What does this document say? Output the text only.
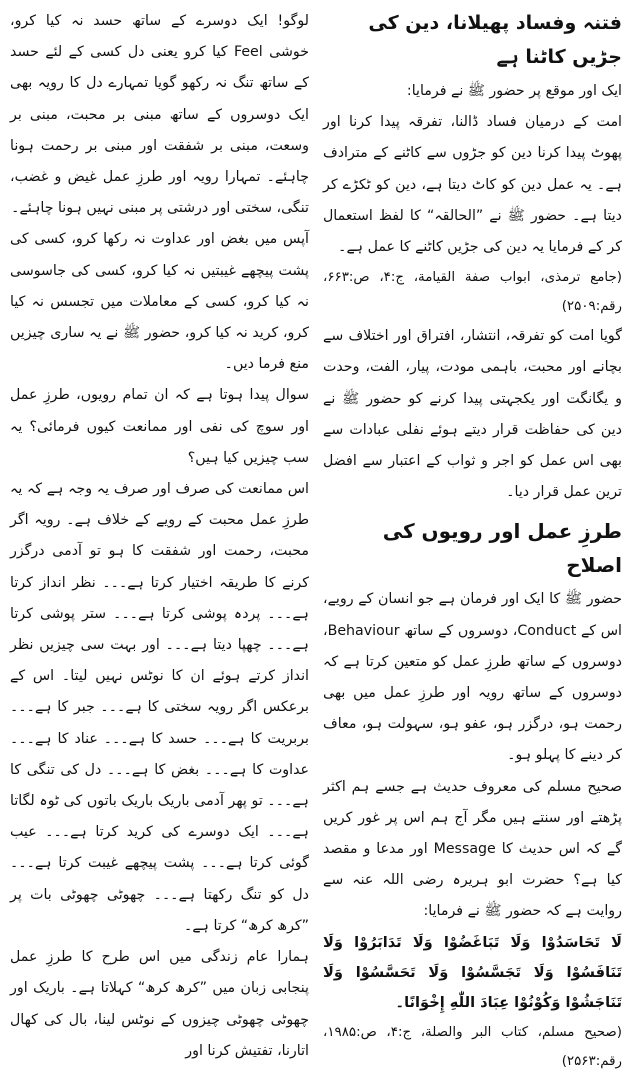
فتنہ وفساد پھیلانا، دین کی جڑیں کاٹنا ہے

ایک اور موقع پر حضور ﷺ نے فرمایا:

امت کے درمیان فساد ڈالنا، تفرقہ پیدا کرنا اور پھوٹ پیدا کرنا دین کو جڑوں سے کاٹنے کے مترادف ہے۔ یہ عمل دین کو کاٹ دیتا ہے، دین کو ٹکڑے کر دیتا ہے۔ حضور ﷺ نے ”الحالقہ“ کا لفظ استعمال کر کے فرمایا یہ دین کی جڑیں کاٹنے کا عمل ہے۔

(جامع ترمذی، ابواب صفة القیامة، ج:۴، ص:۶۶۳، رقم:۲۵۰۹)

گویا امت کو تفرقہ، انتشار، افتراق اور اختلاف سے بچانے اور محبت، باہمی مودت، پیار، الفت، وحدت و یگانگت اور یکجہتی پیدا کرنے کو حضور ﷺ نے دین کی حفاظت قرار دیتے ہوئے نفلی عبادات سے بھی اس عمل کو اجر و ثواب کے اعتبار سے افضل ترین عمل قرار دیا۔

طرزِ عمل اور رویوں کی اصلاح

حضور ﷺ کا ایک اور فرمان ہے جو انسان کے رویے، اس کے Conduct، دوسروں کے ساتھ Behaviour، دوسروں کے ساتھ طرزِ عمل کو متعین کرتا ہے کہ دوسروں کے ساتھ رویہ اور طرزِ عمل میں بھی رحمت ہو، درگزر ہو، عفو ہو، سہولت ہو، معاف کر دینے کا پہلو ہو۔

صحیح مسلم کی معروف حدیث ہے جسے ہم اکثر پڑھتے اور سنتے ہیں مگر آج ہم اس پر غور کریں گے کہ اس حدیث کا Message اور مدعا و مقصد کیا ہے؟ حضرت ابو ہریرہ رضی اللہ عنہ سے روایت ہے کہ حضور ﷺ نے فرمایا:

لَا تَحَاسَدُوْا وَلَا تَبَاغَضُوْا وَلَا تَدَابَرُوْا وَلَا تَنَافَسُوْا وَلَا تَجَسَّسُوْا وَلَا تَحَسَّسُوْا وَلَا تَنَاجَشُوْا وَكُوْنُوْا عِبَادَ اللّٰهِ إِخْوَانًا۔

(صحیح مسلم، کتاب البر والصلة، ج:۴، ص:۱۹۸۵، رقم:۲۵۶۳)

لوگو! ایک دوسرے کے ساتھ حسد نہ کیا کرو، خوشی Feel کیا کرو یعنی دل کسی کے لئے حسد کے ساتھ تنگ نہ رکھو گویا تمہارے دل کا رویہ بھی ایک دوسروں کے ساتھ مبنی بر محبت، مبنی بر وسعت، مبنی بر شفقت اور مبنی بر رحمت ہونا چاہئے۔ تمہارا رویہ اور طرزِ عمل غیض و غضب، تنگی، سختی اور درشتی پر مبنی نہیں ہونا چاہئے۔

آپس میں بغض اور عداوت نہ رکھا کرو، کسی کی پشت پیچھے غیبتیں نہ کیا کرو، کسی کی جاسوسی نہ کیا کرو، کسی کے معاملات میں تجسس نہ کیا کرو، کرید نہ کیا کرو، حضور ﷺ نے یہ ساری چیزیں منع فرما دیں۔

سوال پیدا ہوتا ہے کہ ان تمام رویوں، طرزِ عمل اور سوچ کی نفی اور ممانعت کیوں فرمائی؟ یہ سب چیزیں کیا ہیں؟

اس ممانعت کی صرف اور صرف یہ وجہ ہے کہ یہ طرزِ عمل محبت کے رویے کے خلاف ہے۔ رویہ اگر محبت، رحمت اور شفقت کا ہو تو آدمی درگزر کرنے کا طریقہ اختیار کرتا ہے۔۔۔ نظر انداز کرتا ہے۔۔۔ پردہ پوشی کرتا ہے۔۔۔ ستر پوشی کرتا ہے۔۔۔ چھپا دیتا ہے۔۔۔ اور بہت سی چیزیں نظر انداز کرتے ہوئے ان کا نوٹس نہیں لیتا۔ اس کے برعکس اگر رویہ سختی کا ہے۔۔۔ جبر کا ہے۔۔۔ بربریت کا ہے۔۔۔ حسد کا ہے۔۔۔ عناد کا ہے۔۔۔ عداوت کا ہے۔۔۔ بغض کا ہے۔۔۔ دل کی تنگی کا ہے۔۔۔ تو پھر آدمی باریک باریک باتوں کی ٹوہ لگاتا ہے۔۔۔ ایک دوسرے کی کرید کرتا ہے۔۔۔ عیب گوئی کرتا ہے۔۔۔ پشت پیچھے غیبت کرتا ہے۔۔۔ دل کو تنگ رکھتا ہے۔۔۔ چھوٹی چھوٹی بات پر ”کرھ کرھ“ کرتا ہے۔

ہمارا عام زندگی میں اس طرح کا طرزِ عمل پنجابی زبان میں ”کرھ کرھ“ کہلاتا ہے۔ باریک اور چھوٹی چھوٹی چیزوں کے نوٹس لینا، بال کی کھال اتارنا، تفتیش کرنا اور
